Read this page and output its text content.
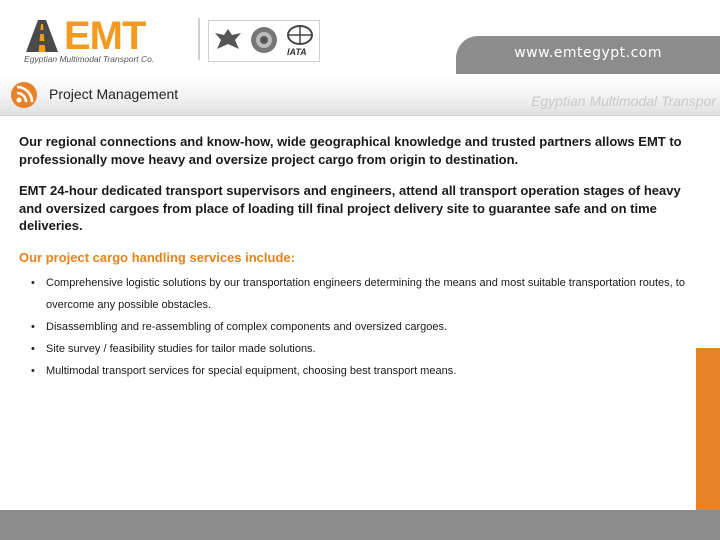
EMT
Egyptian Multimodal Transport Co.
IATA	www.emtegypt.com
Project Management	Egyptian Multimodal Transpor

Our regional connections and know-how, wide geographical knowledge and trusted partners allows EMT to professionally move heavy and oversize project cargo from origin to destination.

EMT 24-hour dedicated transport supervisors and engineers, attend all transport operation stages of heavy and oversized cargoes from place of loading till final project delivery site to guarantee safe and on time deliveries.

Our project cargo handling services include:

• Comprehensive logistic solutions by our transportation engineers determining the means and most suitable transportation routes, to overcome any possible obstacles.
• Disassembling and re-assembling of complex components and oversized cargoes.
• Site survey / feasibility studies for tailor made solutions.
• Multimodal transport services for special equipment, choosing best transport means.
